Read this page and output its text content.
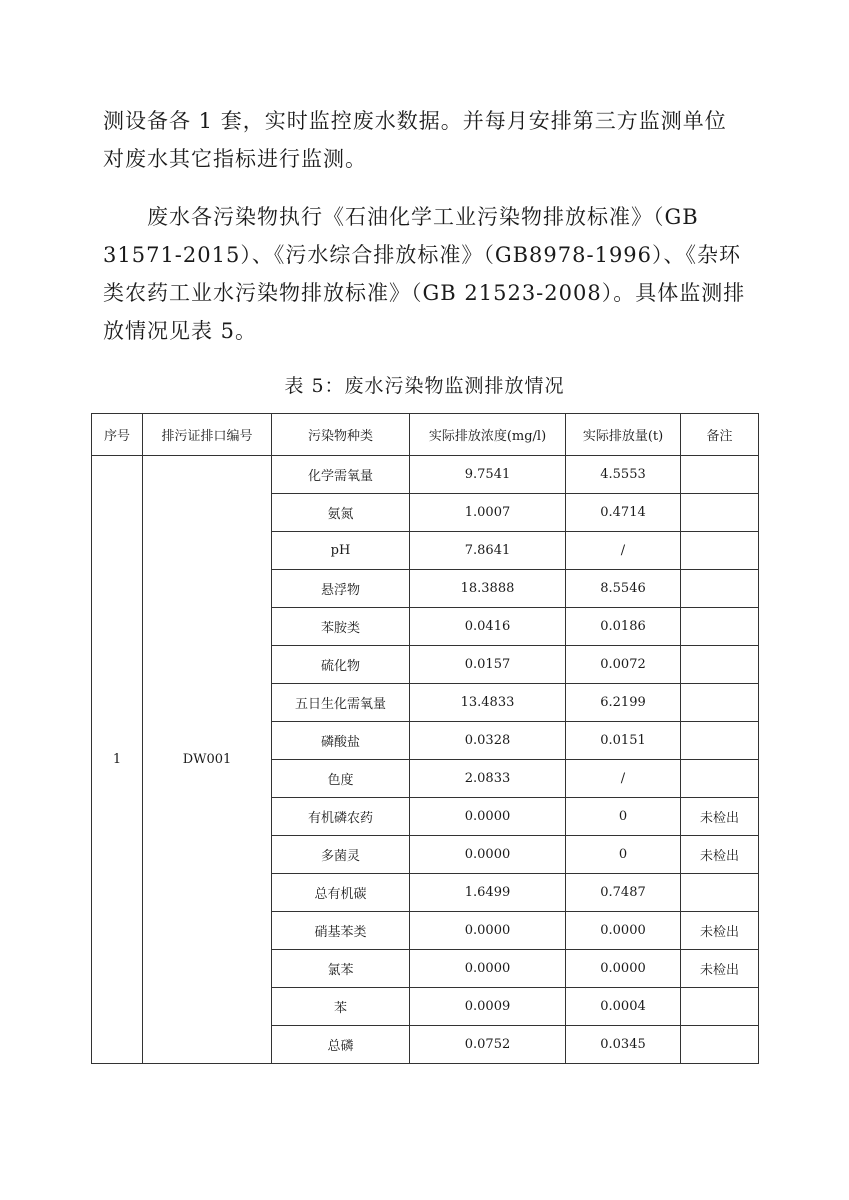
测设备各 1 套，实时监控废水数据。并每月安排第三方监测单位
对废水其它指标进行监测。

废水各污染物执行《石油化学工业污染物排放标准》（GB
31571-2015）、《污水综合排放标准》（GB8978-1996）、《杂环
类农药工业水污染物排放标准》（GB 21523-2008）。具体监测排
放情况见表 5。

表 5：废水污染物监测排放情况
序号	排污证排口编号	污染物种类	实际排放浓度(mg/l)	实际排放量(t)	备注
1	DW001	化学需氧量	9.7541	4.5553	
		氨氮	1.0007	0.4714	
		pH	7.8641	/	
		悬浮物	18.3888	8.5546	
		苯胺类	0.0416	0.0186	
		硫化物	0.0157	0.0072	
		五日生化需氧量	13.4833	6.2199	
		磷酸盐	0.0328	0.0151	
		色度	2.0833	/	
		有机磷农药	0.0000	0	未检出
		多菌灵	0.0000	0	未检出
		总有机碳	1.6499	0.7487	
		硝基苯类	0.0000	0.0000	未检出
		氯苯	0.0000	0.0000	未检出
		苯	0.0009	0.0004	
		总磷	0.0752	0.0345	
